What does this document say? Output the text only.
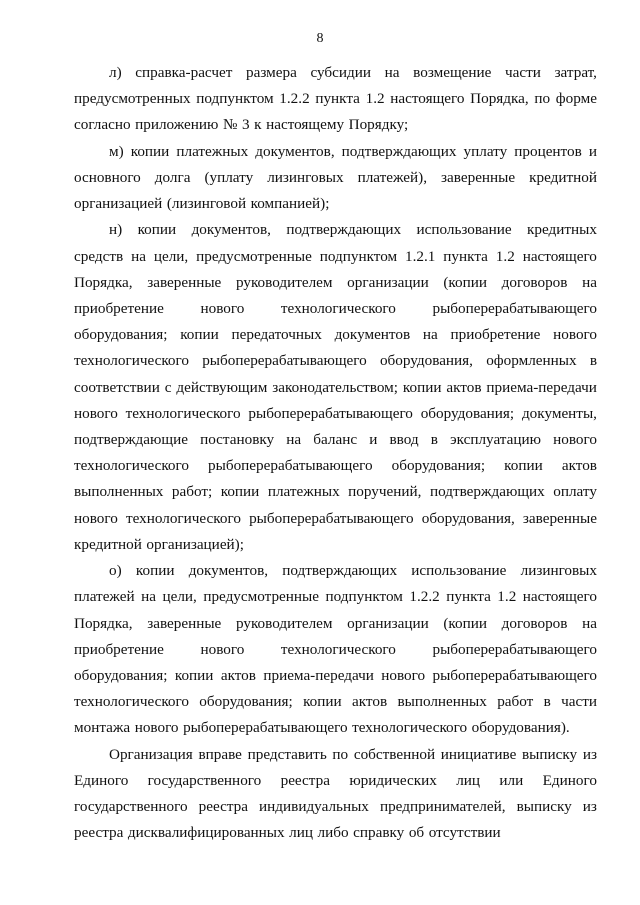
8
л) справка-расчет размера субсидии на возмещение части затрат,
предусмотренных подпунктом 1.2.2 пункта 1.2 настоящего Порядка, по форме
согласно приложению № 3 к настоящему Порядку;
м) копии платежных документов, подтверждающих уплату процентов и
основного долга (уплату лизинговых платежей), заверенные кредитной
организацией (лизинговой компанией);
н) копии документов, подтверждающих использование кредитных
средств на цели, предусмотренные подпунктом 1.2.1 пункта 1.2 настоящего
Порядка, заверенные руководителем организации (копии договоров на
приобретение нового технологического рыбоперерабатывающего
оборудования; копии передаточных документов на приобретение нового
технологического рыбоперерабатывающего оборудования, оформленных в
соответствии с действующим законодательством; копии актов приема-передачи
нового технологического рыбоперерабатывающего оборудования; документы,
подтверждающие постановку на баланс и ввод в эксплуатацию нового
технологического рыбоперерабатывающего оборудования; копии актов
выполненных работ; копии платежных поручений, подтверждающих оплату
нового технологического рыбоперерабатывающего оборудования, заверенные
кредитной организацией);
о) копии документов, подтверждающих использование лизинговых
платежей на цели, предусмотренные подпунктом 1.2.2 пункта 1.2 настоящего
Порядка, заверенные руководителем организации (копии договоров на
приобретение нового технологического рыбоперерабатывающего
оборудования; копии актов приема-передачи нового рыбоперерабатывающего
технологического оборудования; копии актов выполненных работ в части
монтажа нового рыбоперерабатывающего технологического оборудования).
Организация вправе представить по собственной инициативе выписку из
Единого государственного реестра юридических лиц или Единого
государственного реестра индивидуальных предпринимателей, выписку из
реестра дисквалифицированных лиц либо справку об отсутствии
